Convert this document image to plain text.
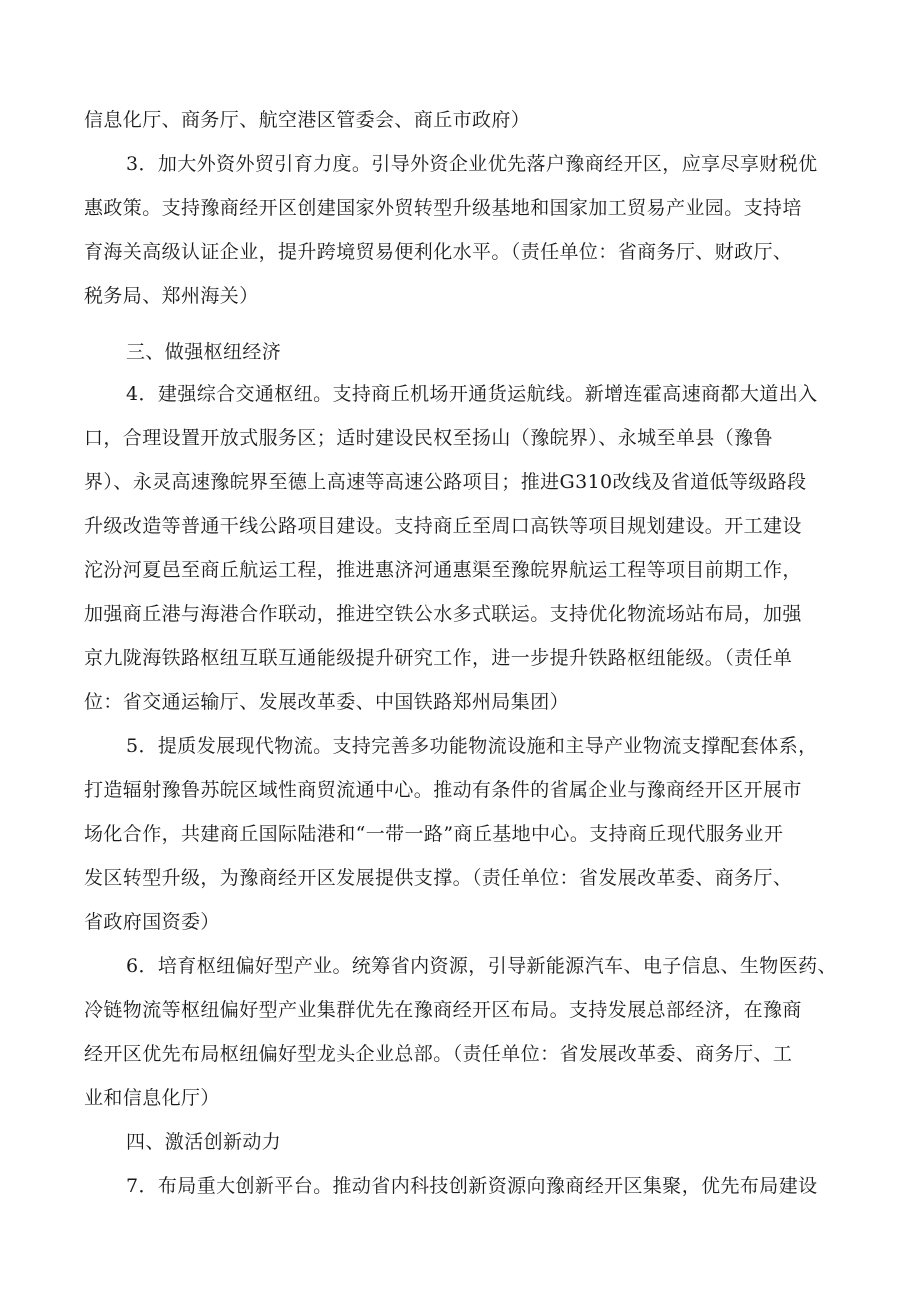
信息化厅、商务厅、航空港区管委会、商丘市政府）
3．加大外资外贸引育力度。引导外资企业优先落户豫商经开区，应享尽享财税优
惠政策。支持豫商经开区创建国家外贸转型升级基地和国家加工贸易产业园。支持培
育海关高级认证企业，提升跨境贸易便利化水平。（责任单位：省商务厅、财政厅、
税务局、郑州海关）
三、做强枢纽经济
4．建强综合交通枢纽。支持商丘机场开通货运航线。新增连霍高速商都大道出入
口，合理设置开放式服务区；适时建设民权至扬山（豫皖界）、永城至单县（豫鲁
界）、永灵高速豫皖界至德上高速等高速公路项目；推进G310改线及省道低等级路段
升级改造等普通干线公路项目建设。支持商丘至周口高铁等项目规划建设。开工建设
沱汾河夏邑至商丘航运工程，推进惠济河通惠渠至豫皖界航运工程等项目前期工作，
加强商丘港与海港合作联动，推进空铁公水多式联运。支持优化物流场站布局，加强
京九陇海铁路枢纽互联互通能级提升研究工作，进一步提升铁路枢纽能级。（责任单
位：省交通运输厅、发展改革委、中国铁路郑州局集团）
5．提质发展现代物流。支持完善多功能物流设施和主导产业物流支撑配套体系，
打造辐射豫鲁苏皖区域性商贸流通中心。推动有条件的省属企业与豫商经开区开展市
场化合作，共建商丘国际陆港和“一带一路”商丘基地中心。支持商丘现代服务业开
发区转型升级，为豫商经开区发展提供支撑。（责任单位：省发展改革委、商务厅、
省政府国资委）
6．培育枢纽偏好型产业。统筹省内资源，引导新能源汽车、电子信息、生物医药、
冷链物流等枢纽偏好型产业集群优先在豫商经开区布局。支持发展总部经济，在豫商
经开区优先布局枢纽偏好型龙头企业总部。（责任单位：省发展改革委、商务厅、工
业和信息化厅）
四、激活创新动力
7．布局重大创新平台。推动省内科技创新资源向豫商经开区集聚，优先布局建设
